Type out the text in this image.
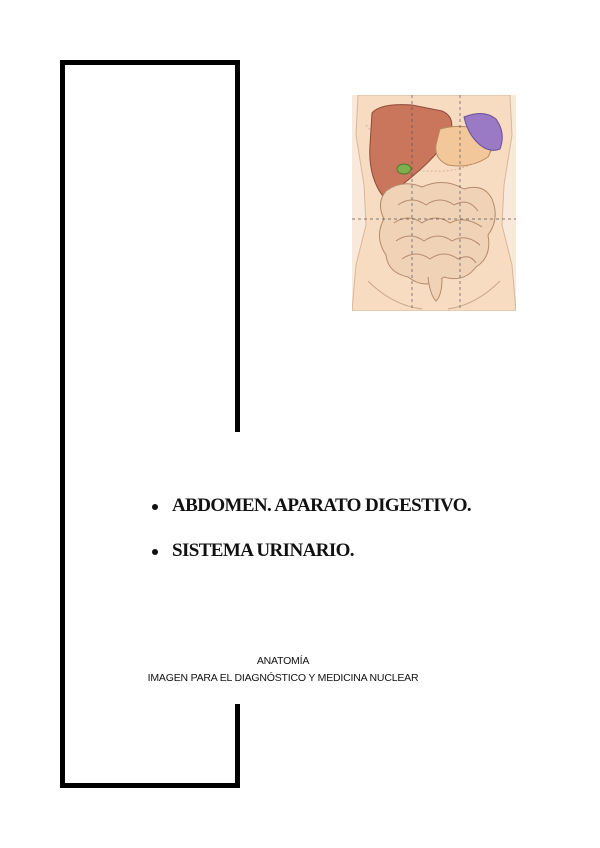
ABDOMEN. APARATO DIGESTIVO.
SISTEMA URINARIO.
ANATOMÍA
IMAGEN PARA EL DIAGNÓSTICO Y MEDICINA NUCLEAR
